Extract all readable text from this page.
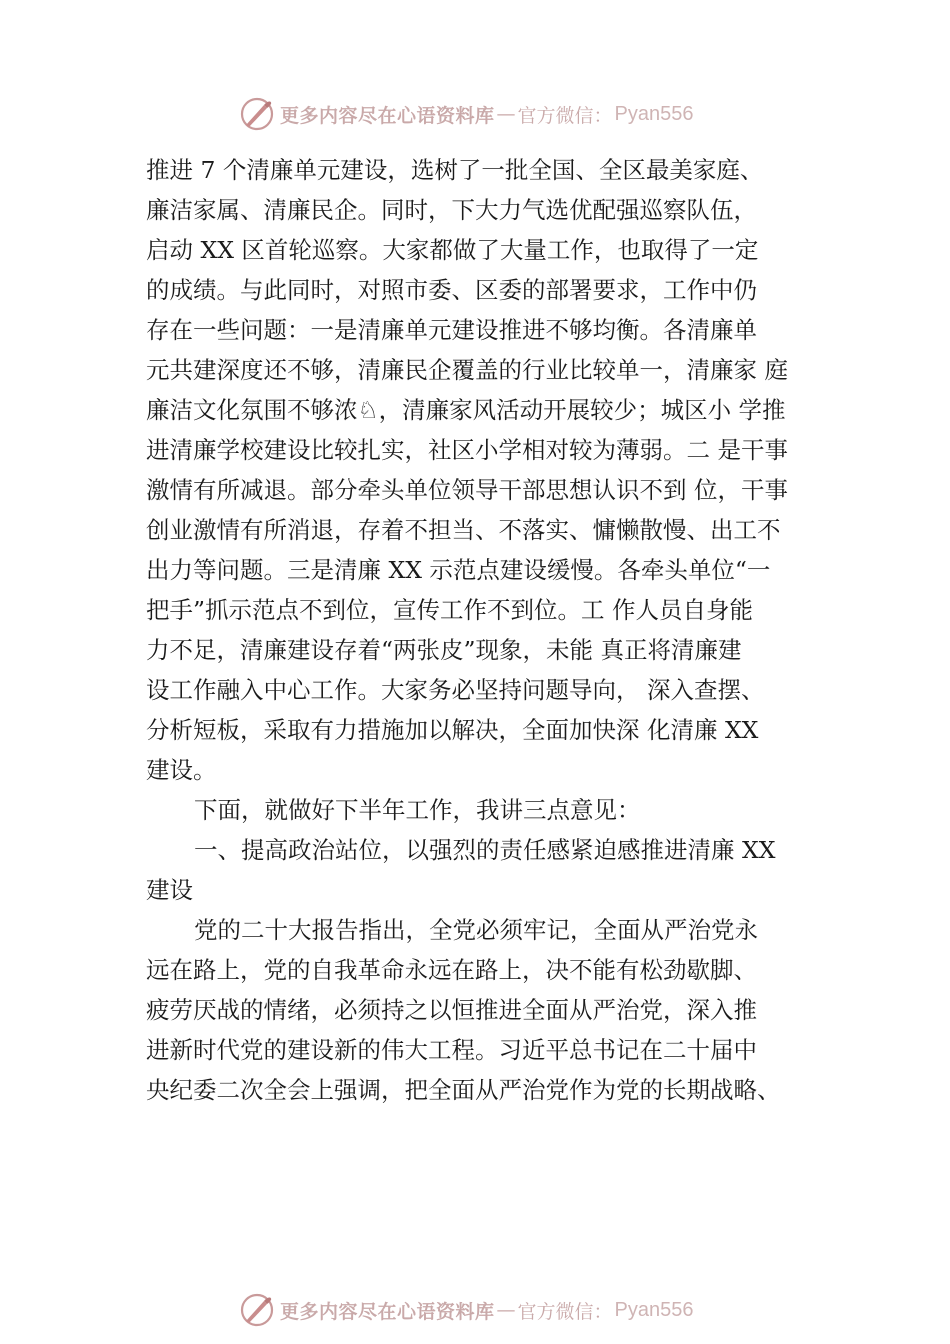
更多内容尽在心语资料库 — 官方微信： Pyan556
推进 7 个清廉单元建设，选树了一批全国、全区最美家庭、
廉洁家属、清廉民企。同时，下大力气选优配强巡察队伍，
启动 XX 区首轮巡察。大家都做了大量工作，也取得了一定
的成绩。与此同时，对照市委、区委的部署要求，工作中仍
存在一些问题：一是清廉单元建设推进不够均衡。各清廉单
元共建深度还不够，清廉民企覆盖的行业比较单一，清廉家 庭
廉洁文化氛围不够浓♘，清廉家风活动开展较少；城区小 学推
进清廉学校建设比较扎实，社区小学相对较为薄弱。二 是干事
激情有所减退。部分牵头单位领导干部思想认识不到 位，干事
创业激情有所消退，存着不担当、不落实、慵懒散慢、出工不
出力等问题。三是清廉 XX 示范点建设缓慢。各牵头单位“一
把手”抓示范点不到位，宣传工作不到位。工 作人员自身能
力不足，清廉建设存着“两张皮”现象，未能 真正将清廉建
设工作融入中心工作。大家务必坚持问题导向， 深入查摆、
分析短板，采取有力措施加以解决，全面加快深 化清廉 XX
建设。
下面，就做好下半年工作，我讲三点意见：
一、提高政治站位，以强烈的责任感紧迫感推进清廉 XX
建设
党的二十大报告指出，全党必须牢记，全面从严治党永
远在路上，党的自我革命永远在路上，决不能有松劲歇脚、
疲劳厌战的情绪，必须持之以恒推进全面从严治党，深入推
进新时代党的建设新的伟大工程。习近平总书记在二十届中
央纪委二次全会上强调，把全面从严治党作为党的长期战略、
更多内容尽在心语资料库 — 官方微信： Pyan556
